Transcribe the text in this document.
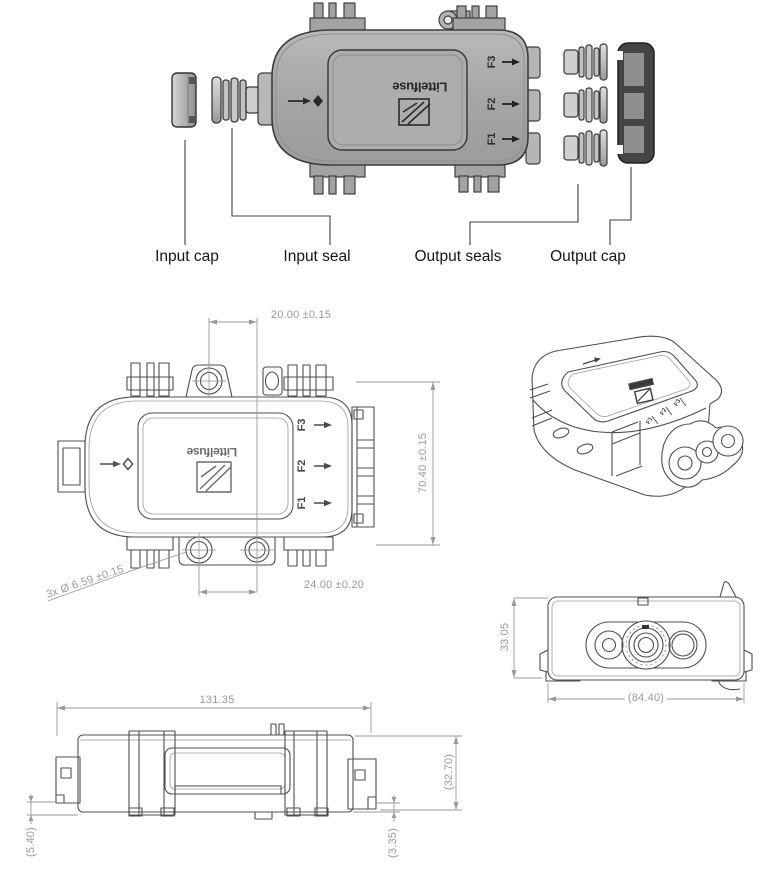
Input cap	Input seal	Output seals	Output cap
F1
F2
F3
Littelfuse
20.00 ±0.15
70.40 ±0.15
24.00 ±0.20
3x Ø 6.59 ±0.15
F1
F2
F3
Littelfuse
F1
F2
F3
33.05
(84.40)
131.35
(32.70)
(5.40)	(3.35)
